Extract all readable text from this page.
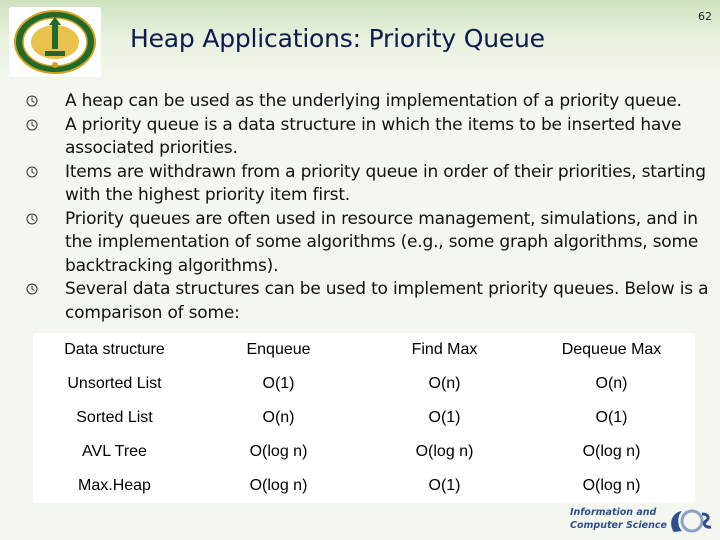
62
Heap Applications: Priority Queue
A heap can be used as the underlying implementation of a priority queue.
A priority queue is a data structure in which the items to be inserted have associated priorities.
Items are withdrawn from a priority queue in order of their priorities, starting with the highest priority item first.
Priority queues are often used in resource management, simulations, and in the implementation of some algorithms (e.g., some graph algorithms, some backtracking algorithms).
Several data structures can be used to implement priority queues. Below is a comparison of some:
Data structure	Enqueue	Find Max	Dequeue Max
Unsorted List	O(1)	O(n)	O(n)
Sorted List	O(n)	O(1)	O(1)
AVL Tree	O(log n)	O(log n)	O(log n)
Max.Heap	O(log n)	O(1)	O(log n)
Information and
Computer Science
